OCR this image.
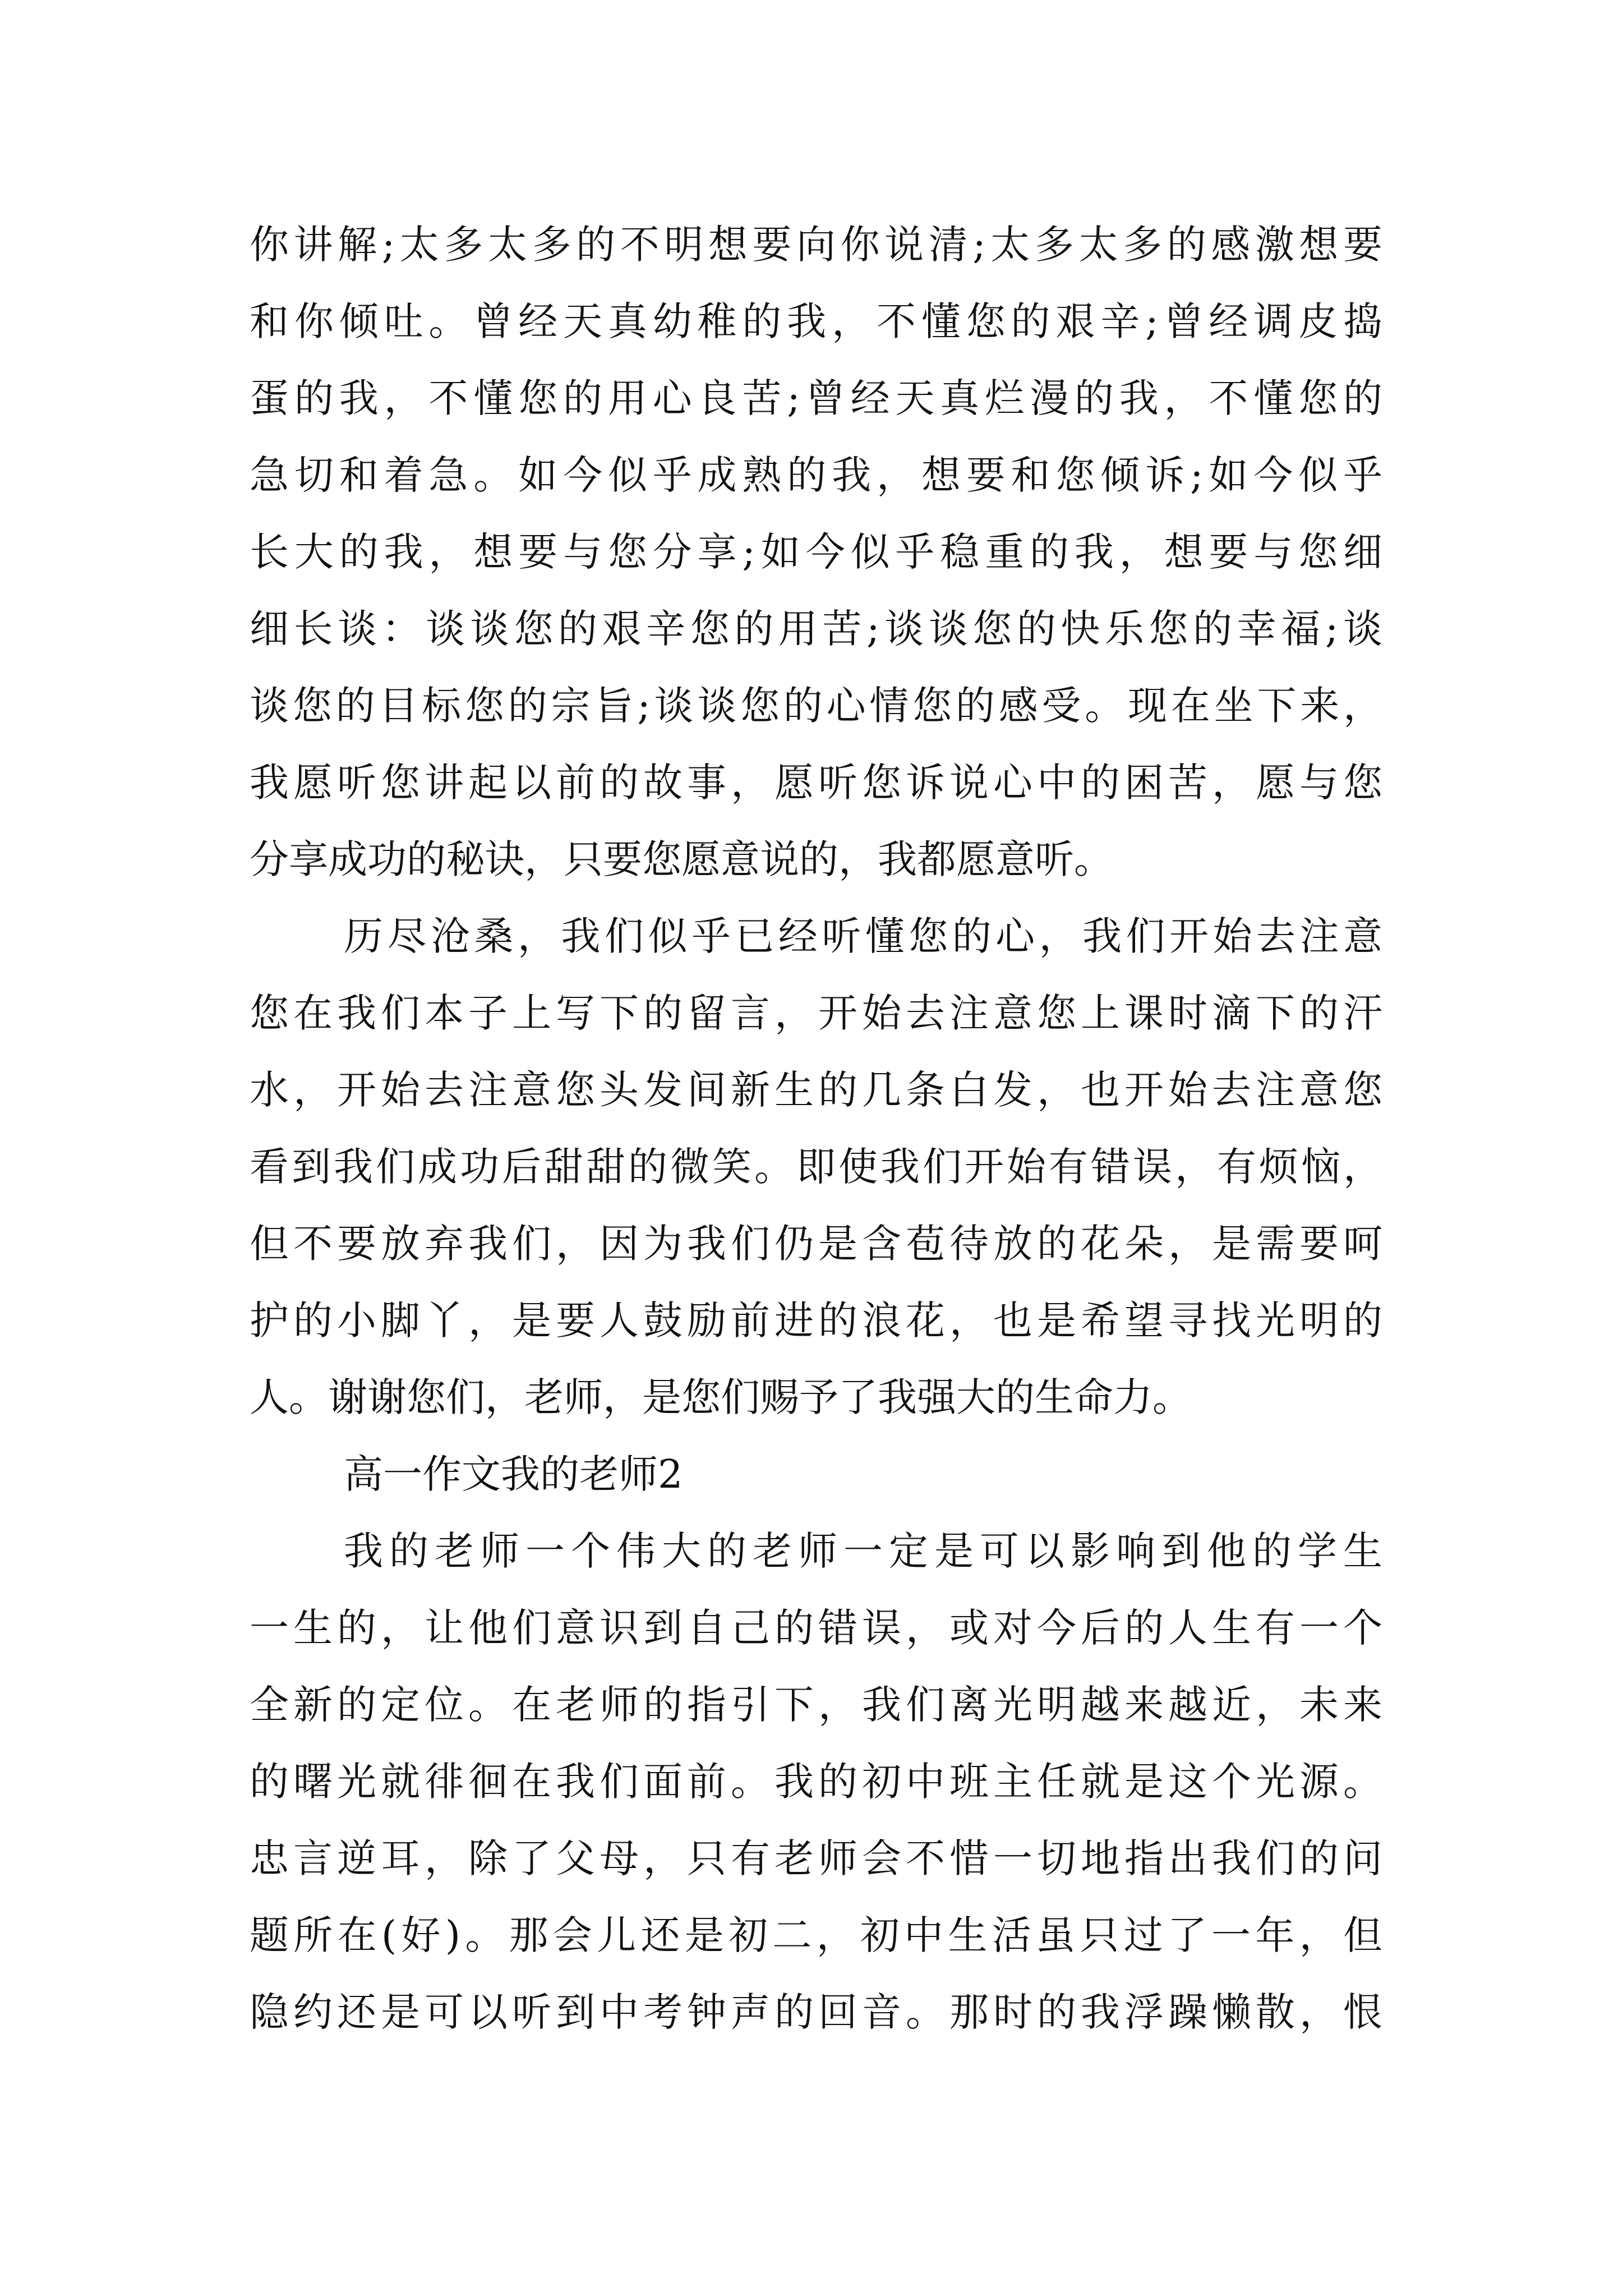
你讲解;太多太多的不明想要向你说清;太多太多的感激想要
和你倾吐。曾经天真幼稚的我，不懂您的艰辛;曾经调皮捣
蛋的我，不懂您的用心良苦;曾经天真烂漫的我，不懂您的
急切和着急。如今似乎成熟的我，想要和您倾诉;如今似乎
长大的我，想要与您分享;如今似乎稳重的我，想要与您细
细长谈：谈谈您的艰辛您的用苦;谈谈您的快乐您的幸福;谈
谈您的目标您的宗旨;谈谈您的心情您的感受。现在坐下来，
我愿听您讲起以前的故事，愿听您诉说心中的困苦，愿与您
分享成功的秘诀，只要您愿意说的，我都愿意听。
历尽沧桑，我们似乎已经听懂您的心，我们开始去注意
您在我们本子上写下的留言，开始去注意您上课时滴下的汗
水，开始去注意您头发间新生的几条白发，也开始去注意您
看到我们成功后甜甜的微笑。即使我们开始有错误，有烦恼，
但不要放弃我们，因为我们仍是含苞待放的花朵，是需要呵
护的小脚丫，是要人鼓励前进的浪花，也是希望寻找光明的
人。谢谢您们，老师，是您们赐予了我强大的生命力。
高一作文我的老师2
我的老师一个伟大的老师一定是可以影响到他的学生
一生的，让他们意识到自己的错误，或对今后的人生有一个
全新的定位。在老师的指引下，我们离光明越来越近，未来
的曙光就徘徊在我们面前。我的初中班主任就是这个光源。
忠言逆耳，除了父母，只有老师会不惜一切地指出我们的问
题所在(好)。那会儿还是初二，初中生活虽只过了一年，但
隐约还是可以听到中考钟声的回音。那时的我浮躁懒散，恨
